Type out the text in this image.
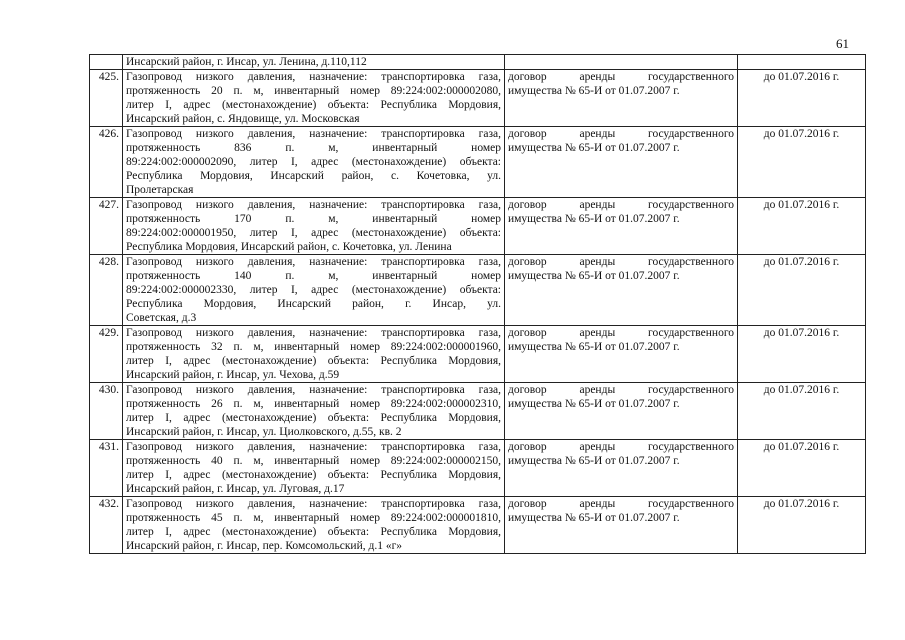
61

	Инсарский район, г. Инсар, ул. Ленина, д.110,112		

425.	Газопровод низкого давления, назначение: транспортировка газа,
протяженность 20 п. м, инвентарный номер 89:224:002:000002080,
литер I, адрес (местонахождение) объекта: Республика Мордовия,
Инсарский район, с. Яндовище, ул. Московская	договор аренды государственного
имущества № 65-И от 01.07.2007 г.	до 01.07.2016 г.
426.	Газопровод низкого давления, назначение: транспортировка газа,
протяженность 836 п. м, инвентарный номер
89:224:002:000002090, литер I, адрес (местонахождение) объекта:
Республика Мордовия, Инсарский район, с. Кочетовка, ул.
Пролетарская	договор аренды государственного
имущества № 65-И от 01.07.2007 г.	до 01.07.2016 г.
427.	Газопровод низкого давления, назначение: транспортировка газа,
протяженность 170 п. м, инвентарный номер
89:224:002:000001950, литер I, адрес (местонахождение) объекта:
Республика Мордовия, Инсарский район, с. Кочетовка, ул. Ленина	договор аренды государственного
имущества № 65-И от 01.07.2007 г.	до 01.07.2016 г.
428.	Газопровод низкого давления, назначение: транспортировка газа,
протяженность 140 п. м, инвентарный номер
89:224:002:000002330, литер I, адрес (местонахождение) объекта:
Республика Мордовия, Инсарский район, г. Инсар, ул.
Советская, д.3	договор аренды государственного
имущества № 65-И от 01.07.2007 г.	до 01.07.2016 г.
429.	Газопровод низкого давления, назначение: транспортировка газа,
протяженность 32 п. м, инвентарный номер 89:224:002:000001960,
литер I, адрес (местонахождение) объекта: Республика Мордовия,
Инсарский район, г. Инсар, ул. Чехова, д.59	договор аренды государственного
имущества № 65-И от 01.07.2007 г.	до 01.07.2016 г.
430.	Газопровод низкого давления, назначение: транспортировка газа,
протяженность 26 п. м, инвентарный номер 89:224:002:000002310,
литер I, адрес (местонахождение) объекта: Республика Мордовия,
Инсарский район, г. Инсар, ул. Циолковского, д.55, кв. 2	договор аренды государственного
имущества № 65-И от 01.07.2007 г.	до 01.07.2016 г.
431.	Газопровод низкого давления, назначение: транспортировка газа,
протяженность 40 п. м, инвентарный номер 89:224:002:000002150,
литер I, адрес (местонахождение) объекта: Республика Мордовия,
Инсарский район, г. Инсар, ул. Луговая, д.17	договор аренды государственного
имущества № 65-И от 01.07.2007 г.	до 01.07.2016 г.
432.	Газопровод низкого давления, назначение: транспортировка газа,
протяженность 45 п. м, инвентарный номер 89:224:002:000001810,
литер I, адрес (местонахождение) объекта: Республика Мордовия,
Инсарский район, г. Инсар, пер. Комсомольский, д.1 «г»	договор аренды государственного
имущества № 65-И от 01.07.2007 г.	до 01.07.2016 г.
